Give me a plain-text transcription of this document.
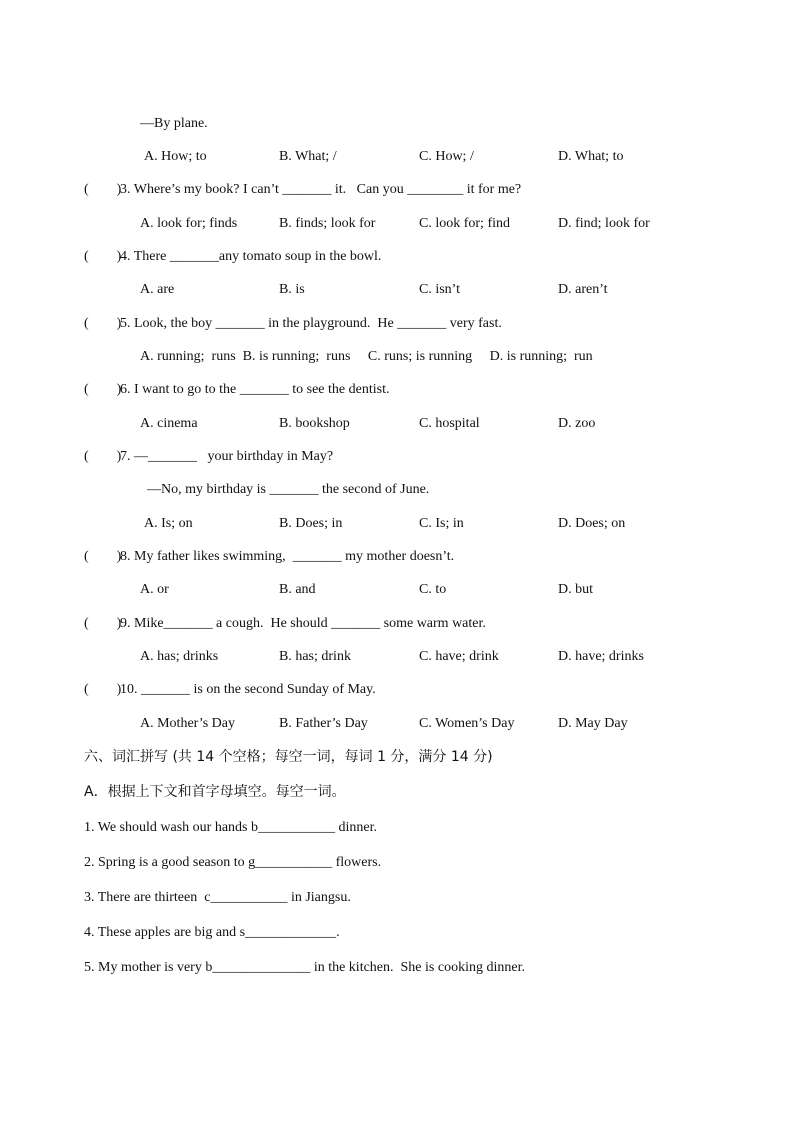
—By plane.
A. How; to	B. What; /	C. How; /	D. What; to
(        )
3. Where’s my book? I can’t _______ it.   Can you ________ it for me?
A. look for; finds	B. finds; look for	C. look for; find	D. find; look for
(        )
4. There _______any tomato soup in the bowl.
A. are	B. is	C. isn’t	D. aren’t
(        )
5. Look, the boy _______ in the playground.  He _______ very fast.
A. running;  runs  B. is running;  runs     C. runs; is running     D. is running;  run
(        )
6. I want to go to the _______ to see the dentist.
A. cinema	B. bookshop	C. hospital	D. zoo
(        )
7. —_______   your birthday in May?
—No, my birthday is _______ the second of June.
A. Is; on	B. Does; in	C. Is; in	D. Does; on
(        )
8. My father likes swimming,  _______ my mother doesn’t.
A. or	B. and	C. to	D. but
(        )
9. Mike_______ a cough.  He should _______ some warm water.
A. has; drinks	B. has; drink	C. have; drink	D. have; drinks
(        )
10. _______ is on the second Sunday of May.
A. Mother’s Day	B. Father’s Day	C. Women’s Day	D. May Day
六、词汇拼写 (共 14 个空格；每空一词，每词 1 分，满分 14 分)
A．根据上下文和首字母填空。每空一词。
1. We should wash our hands b___________ dinner.
2. Spring is a good season to g___________ flowers.
3. There are thirteen  c___________ in Jiangsu.
4. These apples are big and s_____________.
5. My mother is very b______________ in the kitchen.  She is cooking dinner.
